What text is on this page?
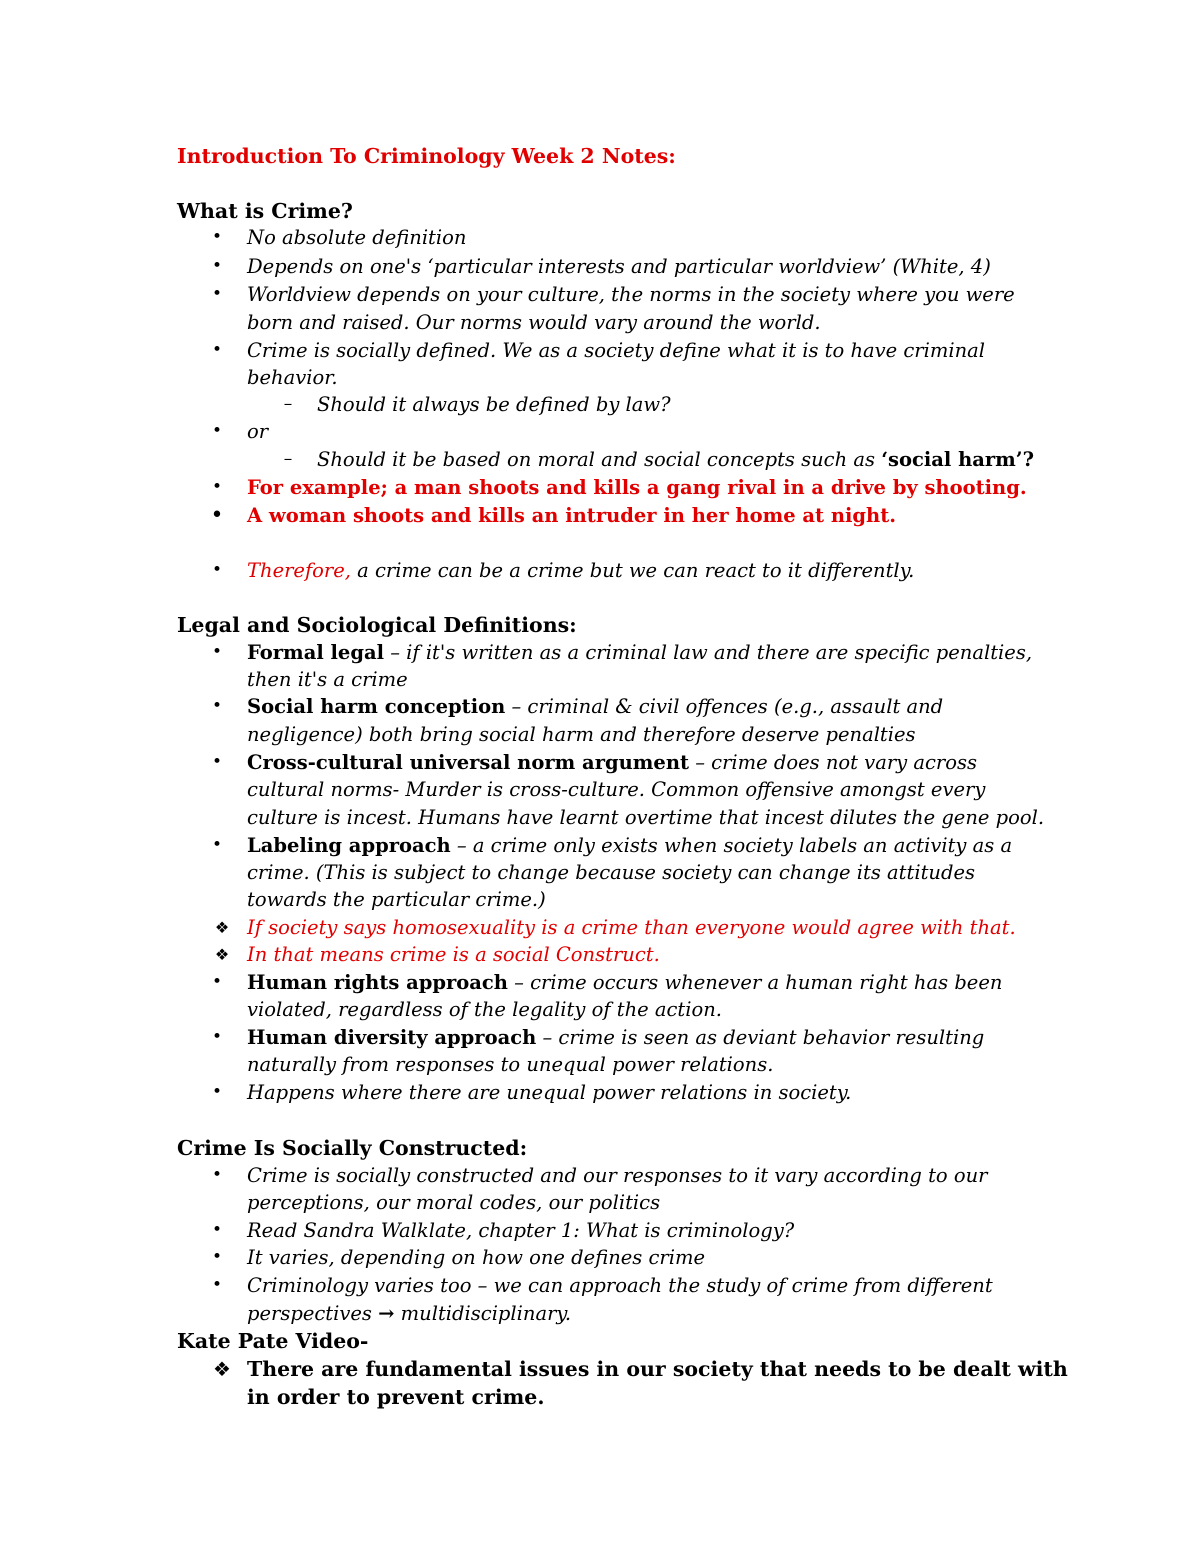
Introduction To Criminology Week 2 Notes:
What is Crime?
• No absolute definition
• Depends on one's ‘particular interests and particular worldview’ (White, 4)
• Worldview depends on your culture, the norms in the society where you were
born and raised. Our norms would vary around the world.
• Crime is socially defined. We as a society define what it is to have criminal
behavior.
– Should it always be defined by law?
• or
– Should it be based on moral and social concepts such as ‘social harm’?
• For example; a man shoots and kills a gang rival in a drive by shooting.
• A woman shoots and kills an intruder in her home at night.
• Therefore, a crime can be a crime but we can react to it differently.
Legal and Sociological Definitions:
• Formal legal – if it's written as a criminal law and there are specific penalties,
then it's a crime
• Social harm conception – criminal & civil offences (e.g., assault and
negligence) both bring social harm and therefore deserve penalties
• Cross-cultural universal norm argument – crime does not vary across
cultural norms- Murder is cross-culture. Common offensive amongst every
culture is incest. Humans have learnt overtime that incest dilutes the gene pool.
• Labeling approach – a crime only exists when society labels an activity as a
crime. (This is subject to change because society can change its attitudes
towards the particular crime.)
❖ If society says homosexuality is a crime than everyone would agree with that.
❖ In that means crime is a social Construct.
• Human rights approach – crime occurs whenever a human right has been
violated, regardless of the legality of the action.
• Human diversity approach – crime is seen as deviant behavior resulting
naturally from responses to unequal power relations.
• Happens where there are unequal power relations in society.
Crime Is Socially Constructed:
• Crime is socially constructed and our responses to it vary according to our
perceptions, our moral codes, our politics
• Read Sandra Walklate, chapter 1: What is criminology?
• It varies, depending on how one defines crime
• Criminology varies too – we can approach the study of crime from different
perspectives → multidisciplinary.
Kate Pate Video-
❖ There are fundamental issues in our society that needs to be dealt with
in order to prevent crime.
